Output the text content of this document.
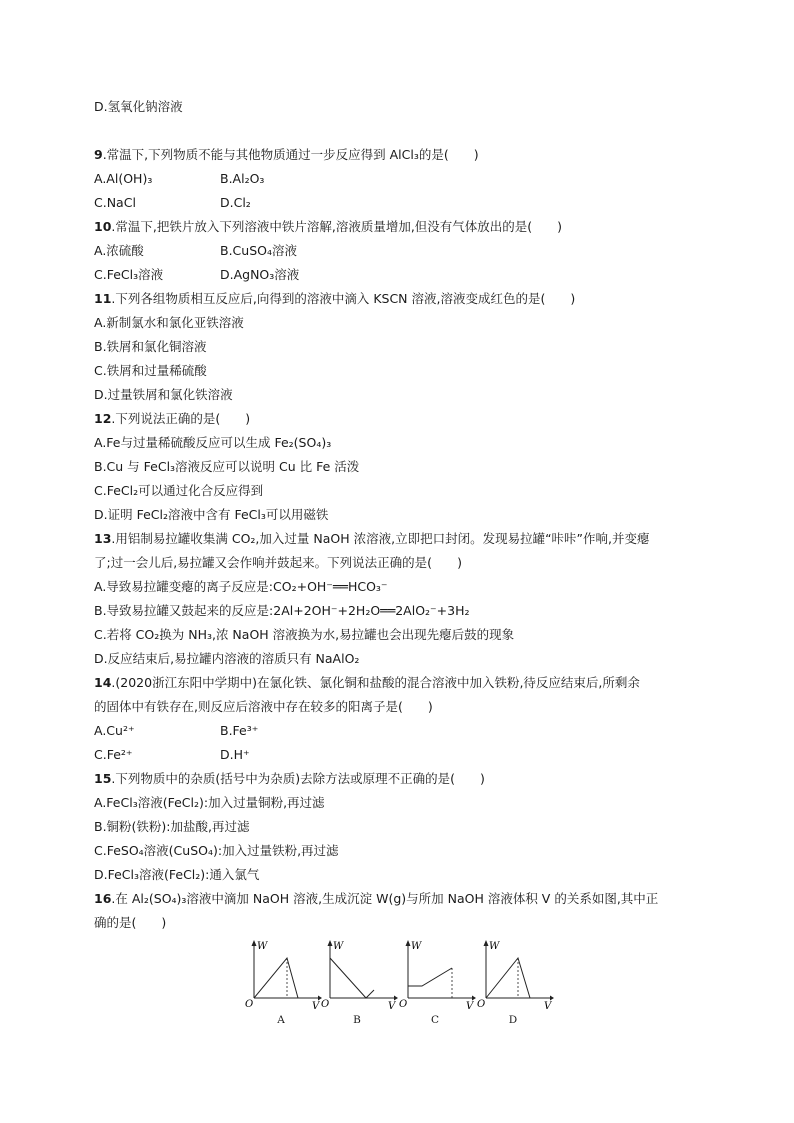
D.氢氧化钠溶液
9.常温下,下列物质不能与其他物质通过一步反应得到 AlCl₃的是(　　)
A.Al(OH)₃	B.Al₂O₃
C.NaCl	D.Cl₂
10.常温下,把铁片放入下列溶液中铁片溶解,溶液质量增加,但没有气体放出的是(　　)
A.浓硫酸	B.CuSO₄溶液
C.FeCl₃溶液	D.AgNO₃溶液
11.下列各组物质相互反应后,向得到的溶液中滴入 KSCN 溶液,溶液变成红色的是(　　)
A.新制氯水和氯化亚铁溶液
B.铁屑和氯化铜溶液
C.铁屑和过量稀硫酸
D.过量铁屑和氯化铁溶液
12.下列说法正确的是(　　)
A.Fe与过量稀硫酸反应可以生成 Fe₂(SO₄)₃
B.Cu 与 FeCl₃溶液反应可以说明 Cu 比 Fe 活泼
C.FeCl₂可以通过化合反应得到
D.证明 FeCl₂溶液中含有 FeCl₃可以用磁铁
13.用铝制易拉罐收集满 CO₂,加入过量 NaOH 浓溶液,立即把口封闭。发现易拉罐“咔咔”作响,并变瘪
了;过一会儿后,易拉罐又会作响并鼓起来。下列说法正确的是(　　)
A.导致易拉罐变瘪的离子反应是:CO₂+OH⁻══HCO₃⁻
B.导致易拉罐又鼓起来的反应是:2Al+2OH⁻+2H₂O══2AlO₂⁻+3H₂
C.若将 CO₂换为 NH₃,浓 NaOH 溶液换为水,易拉罐也会出现先瘪后鼓的现象
D.反应结束后,易拉罐内溶液的溶质只有 NaAlO₂
14.(2020浙江东阳中学期中)在氯化铁、氯化铜和盐酸的混合溶液中加入铁粉,待反应结束后,所剩余
的固体中有铁存在,则反应后溶液中存在较多的阳离子是(　　)
A.Cu²⁺	B.Fe³⁺
C.Fe²⁺	D.H⁺
15.下列物质中的杂质(括号中为杂质)去除方法或原理不正确的是(　　)
A.FeCl₃溶液(FeCl₂):加入过量铜粉,再过滤
B.铜粉(铁粉):加盐酸,再过滤
C.FeSO₄溶液(CuSO₄):加入过量铁粉,再过滤
D.FeCl₃溶液(FeCl₂):通入氯气
16.在 Al₂(SO₄)₃溶液中滴加 NaOH 溶液,生成沉淀 W(g)与所加 NaOH 溶液体积 V 的关系如图,其中正
确的是(　　)
W
O	V
A
W
O	V
B
W
O	V
C
W
O	V
D
